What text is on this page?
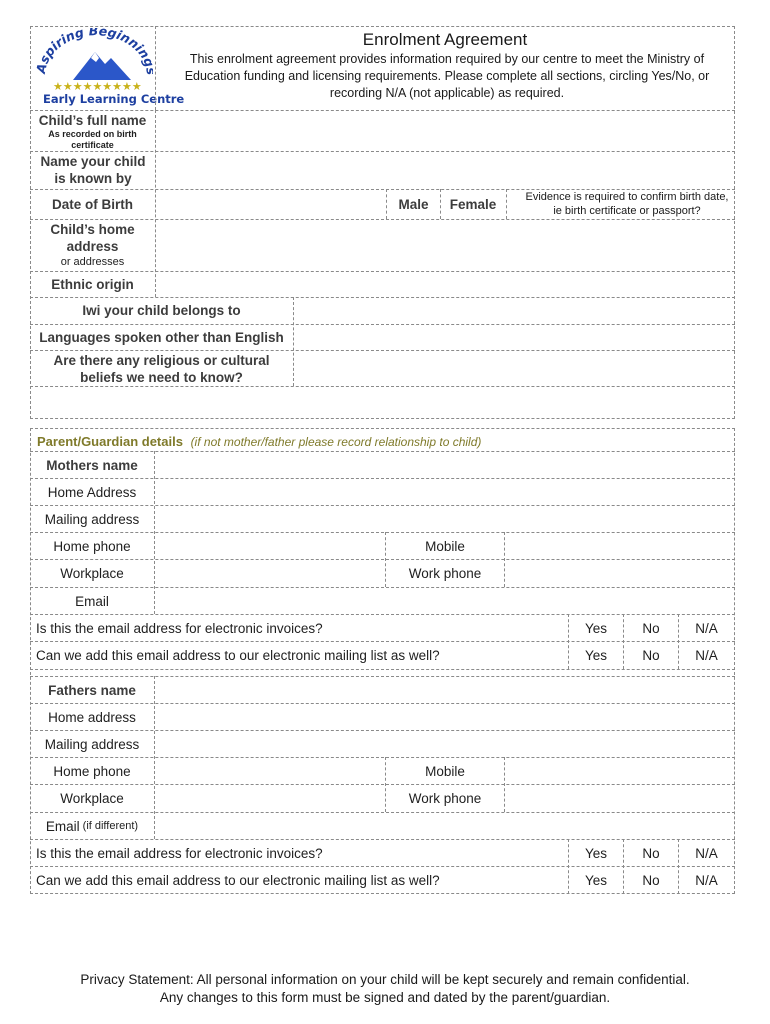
Aspiring Beginnin
★★★★★★★★★
Early Learning Centre
Enrolment Agreement
This enrolment agreement provides information required by our centre to meet the Ministry of Education funding and licensing requirements. Please complete all sections, circling Yes/No, or recording N/A (not applicable) as required.
Child’s full name
As recorded on birth certificate
Name your child is known by
Date of Birth	Male	Female	Evidence is required to confirm birth date, ie birth certificate or passport?
Child’s home address
or addresses
Ethnic origin
Iwi your child belongs to
Languages spoken other than English
Are there any religious or cultural beliefs we need to know?
Parent/Guardian details (if not mother/father please record relationship to child)
Mothers name
Home Address
Mailing address
Home phone	Mobile
Workplace	Work phone
Email
Is this the email address for electronic invoices?	Yes	No	N/A
Can we add this email address to our electronic mailing list as well?	Yes	No	N/A
Fathers name
Home address
Mailing address
Home phone	Mobile
Workplace	Work phone
Email (if different)
Is this the email address for electronic invoices?	Yes	No	N/A
Can we add this email address to our electronic mailing list as well?	Yes	No	N/A
Privacy Statement: All personal information on your child will be kept securely and remain confidential.
Any changes to this form must be signed and dated by the parent/guardian.
